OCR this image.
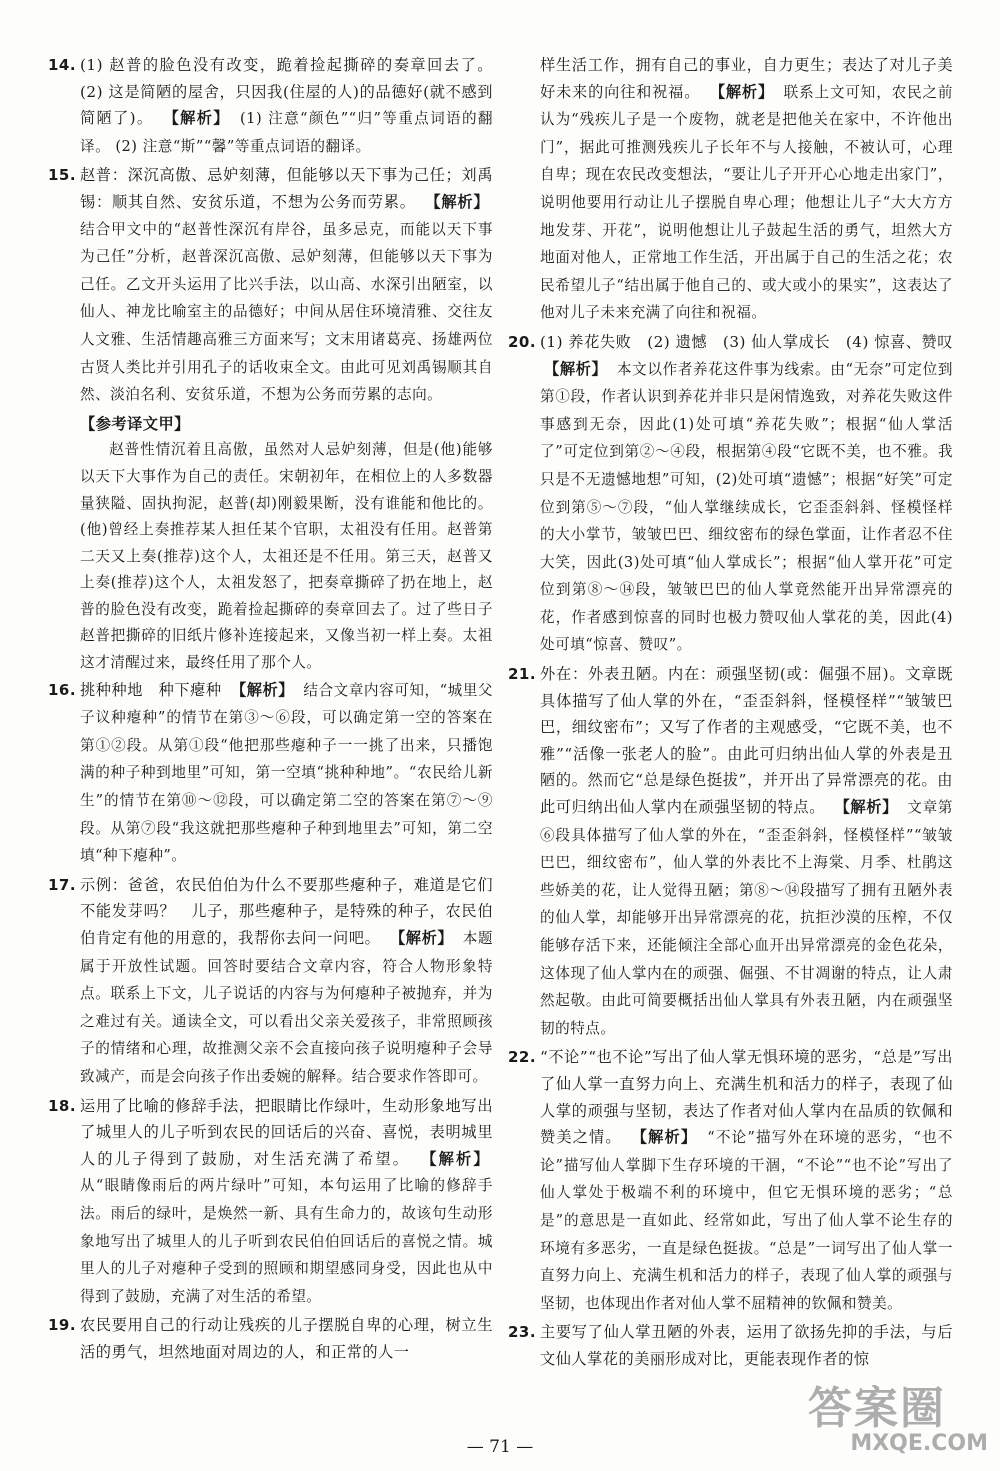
14. (1) 赵普的脸色没有改变，跪着捡起撕碎的奏章回去了。 (2) 这是简陋的屋舍，只因我(住屋的人)的品德好(就不感到简陋了)。 【解析】 (1) 注意“颜色”“归”等重点词语的翻译。 (2) 注意“斯”“馨”等重点词语的翻译。
15. 赵普：深沉高傲、忌妒刻薄，但能够以天下事为己任；刘禹锡：顺其自然、安贫乐道，不想为公务而劳累。 【解析】 结合甲文中的“赵普性深沉有岸谷，虽多忌克，而能以天下事为己任”分析，赵普深沉高傲、忌妒刻薄，但能够以天下事为己任。乙文开头运用了比兴手法，以山高、水深引出陋室，以仙人、神龙比喻室主的品德好；中间从居住环境清雅、交往友人文雅、生活情趣高雅三方面来写；文末用诸葛亮、扬雄两位古贤人类比并引用孔子的话收束全文。由此可见刘禹锡顺其自然、淡泊名利、安贫乐道，不想为公务而劳累的志向。
【参考译文甲】
赵普性情沉着且高傲，虽然对人忌妒刻薄，但是(他)能够以天下大事作为自己的责任。宋朝初年，在相位上的人多数器量狭隘、固执拘泥，赵普(却)刚毅果断，没有谁能和他比的。(他)曾经上奏推荐某人担任某个官职，太祖没有任用。赵普第二天又上奏(推荐)这个人，太祖还是不任用。第三天，赵普又上奏(推荐)这个人，太祖发怒了，把奏章撕碎了扔在地上，赵普的脸色没有改变，跪着捡起撕碎的奏章回去了。过了些日子赵普把撕碎的旧纸片修补连接起来，又像当初一样上奏。太祖这才清醒过来，最终任用了那个人。
16. 挑种种地　种下瘪种 【解析】 结合文章内容可知，“城里父子议种瘪种”的情节在第③～⑥段，可以确定第一空的答案在第①②段。从第①段“他把那些瘪种子一一挑了出来，只播饱满的种子种到地里”可知，第一空填“挑种种地”。“农民给儿新生”的情节在第⑩～⑫段，可以确定第二空的答案在第⑦～⑨段。从第⑦段“我这就把那些瘪种子种到地里去”可知，第二空填“种下瘪种”。
17. 示例：爸爸，农民伯伯为什么不要那些瘪种子，难道是它们不能发芽吗？　儿子，那些瘪种子，是特殊的种子，农民伯伯肯定有他的用意的，我帮你去问一问吧。 【解析】 本题属于开放性试题。回答时要结合文章内容，符合人物形象特点。联系上下文，儿子说话的内容与为何瘪种子被抛弃，并为之难过有关。通读全文，可以看出父亲关爱孩子，非常照顾孩子的情绪和心理，故推测父亲不会直接向孩子说明瘪种子会导致减产，而是会向孩子作出委婉的解释。结合要求作答即可。
18. 运用了比喻的修辞手法，把眼睛比作绿叶，生动形象地写出了城里人的儿子听到农民的回话后的兴奋、喜悦，表明城里人的儿子得到了鼓励，对生活充满了希望。 【解析】 从“眼睛像雨后的两片绿叶”可知，本句运用了比喻的修辞手法。雨后的绿叶，是焕然一新、具有生命力的，故该句生动形象地写出了城里人的儿子听到农民伯伯回话后的喜悦之情。城里人的儿子对瘪种子受到的照顾和期望感同身受，因此也从中得到了鼓励，充满了对生活的希望。
19. 农民要用自己的行动让残疾的儿子摆脱自卑的心理，树立生活的勇气，坦然地面对周边的人，和正常的人一
样生活工作，拥有自己的事业，自力更生；表达了对儿子美好未来的向往和祝福。 【解析】 联系上文可知，农民之前认为“残疾儿子是一个废物，就老是把他关在家中，不许他出门”，据此可推测残疾儿子长年不与人接触，不被认可，心理自卑；现在农民改变想法，“要让儿子开开心心地走出家门”，说明他要用行动让儿子摆脱自卑心理；他想让儿子“大大方方地发芽、开花”，说明他想让儿子鼓起生活的勇气，坦然大方地面对他人，正常地工作生活，开出属于自己的生活之花；农民希望儿子“结出属于他自己的、或大或小的果实”，这表达了他对儿子未来充满了向往和祝福。
20. (1) 养花失败　(2) 遗憾　(3) 仙人掌成长　(4) 惊喜、赞叹 【解析】 本文以作者养花这件事为线索。由“无奈”可定位到第①段，作者认识到养花并非只是闲情逸致，对养花失败这件事感到无奈，因此(1)处可填“养花失败”；根据“仙人掌活了”可定位到第②～④段，根据第④段“它既不美，也不雅。我只是不无遗憾地想”可知，(2)处可填“遗憾”；根据“好笑”可定位到第⑤～⑦段，“仙人掌继续成长，它歪歪斜斜、怪模怪样的大小掌节，皱皱巴巴、细纹密布的绿色掌面，让作者忍不住大笑，因此(3)处可填“仙人掌成长”；根据“仙人掌开花”可定位到第⑧～⑭段，皱皱巴巴的仙人掌竟然能开出异常漂亮的花，作者感到惊喜的同时也极力赞叹仙人掌花的美，因此(4)处可填“惊喜、赞叹”。
21. 外在：外表丑陋。内在：顽强坚韧(或：倔强不屈)。文章既具体描写了仙人掌的外在，“歪歪斜斜，怪模怪样”“皱皱巴巴，细纹密布”；又写了作者的主观感受，“它既不美，也不雅”“活像一张老人的脸”。由此可归纳出仙人掌的外表是丑陋的。然而它“总是绿色挺拔”，并开出了异常漂亮的花。由此可归纳出仙人掌内在顽强坚韧的特点。 【解析】 文章第⑥段具体描写了仙人掌的外在，“歪歪斜斜，怪模怪样”“皱皱巴巴，细纹密布”，仙人掌的外表比不上海棠、月季、杜鹃这些娇美的花，让人觉得丑陋；第⑧～⑭段描写了拥有丑陋外表的仙人掌，却能够开出异常漂亮的花，抗拒沙漠的压榨，不仅能够存活下来，还能倾注全部心血开出异常漂亮的金色花朵，这体现了仙人掌内在的顽强、倔强、不甘凋谢的特点，让人肃然起敬。由此可简要概括出仙人掌具有外表丑陋，内在顽强坚韧的特点。
22. “不论”“也不论”写出了仙人掌无惧环境的恶劣，“总是”写出了仙人掌一直努力向上、充满生机和活力的样子，表现了仙人掌的顽强与坚韧，表达了作者对仙人掌内在品质的钦佩和赞美之情。 【解析】 “不论”描写外在环境的恶劣，“也不论”描写仙人掌脚下生存环境的干涸，“不论”“也不论”写出了仙人掌处于极端不利的环境中，但它无惧环境的恶劣；“总是”的意思是一直如此、经常如此，写出了仙人掌不论生存的环境有多恶劣，一直是绿色挺拔。“总是”一词写出了仙人掌一直努力向上、充满生机和活力的样子，表现了仙人掌的顽强与坚韧，也体现出作者对仙人掌不屈精神的钦佩和赞美。
23. 主要写了仙人掌丑陋的外表，运用了欲扬先抑的手法，与后文仙人掌花的美丽形成对比，更能表现作者的惊
— 71 —
答案圈
MXQE.COM
